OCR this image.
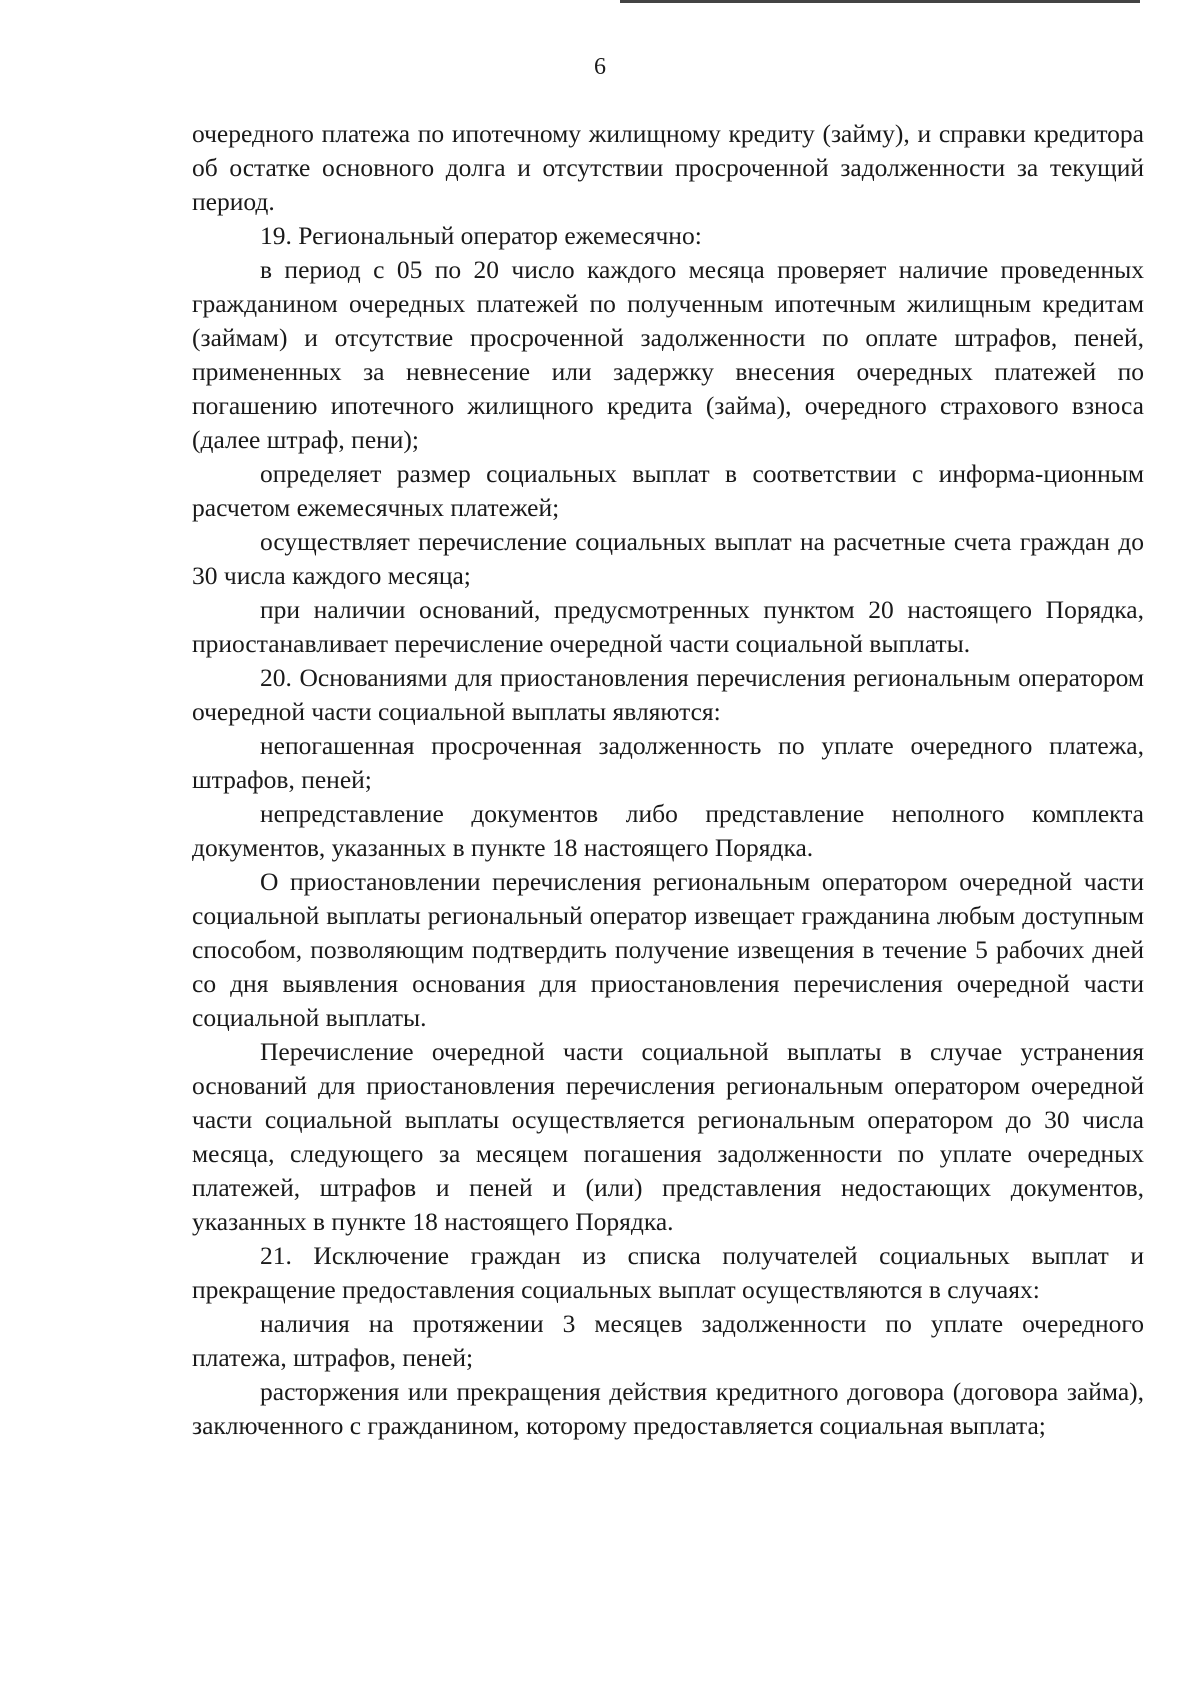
6

очередного платежа по ипотечному жилищному кредиту (займу), и справки кредитора об остатке основного долга и отсутствии просроченной задолженности за текущий период.

19. Региональный оператор ежемесячно:

в период с 05 по 20 число каждого месяца проверяет наличие проведенных гражданином очередных платежей по полученным ипотечным жилищным кредитам (займам) и отсутствие просроченной задолженности по оплате штрафов, пеней, примененных за невнесение или задержку внесения очередных платежей по погашению ипотечного жилищного кредита (займа), очередного страхового взноса (далее штраф, пени);

определяет размер социальных выплат в соответствии с информа-ционным расчетом ежемесячных платежей;

осуществляет перечисление социальных выплат на расчетные счета граждан до 30 числа каждого месяца;

при наличии оснований, предусмотренных пунктом 20 настоящего Порядка, приостанавливает перечисление очередной части социальной выплаты.

20. Основаниями для приостановления перечисления региональным оператором очередной части социальной выплаты являются:

непогашенная просроченная задолженность по уплате очередного платежа, штрафов, пеней;

непредставление документов либо представление неполного комплекта документов, указанных в пункте 18 настоящего Порядка.

О приостановлении перечисления региональным оператором очередной части социальной выплаты региональный оператор извещает гражданина любым доступным способом, позволяющим подтвердить получение извещения в течение 5 рабочих дней со дня выявления основания для приостановления перечисления очередной части социальной выплаты.

Перечисление очередной части социальной выплаты в случае устранения оснований для приостановления перечисления региональным оператором очередной части социальной выплаты осуществляется региональным оператором до 30 числа месяца, следующего за месяцем погашения задолженности по уплате очередных платежей, штрафов и пеней и (или) представления недостающих документов, указанных в пункте 18 настоящего Порядка.

21. Исключение граждан из списка получателей социальных выплат и прекращение предоставления социальных выплат осуществляются в случаях:

наличия на протяжении 3 месяцев задолженности по уплате очередного платежа, штрафов, пеней;

расторжения или прекращения действия кредитного договора (договора займа), заключенного с гражданином, которому предоставляется социальная выплата;
